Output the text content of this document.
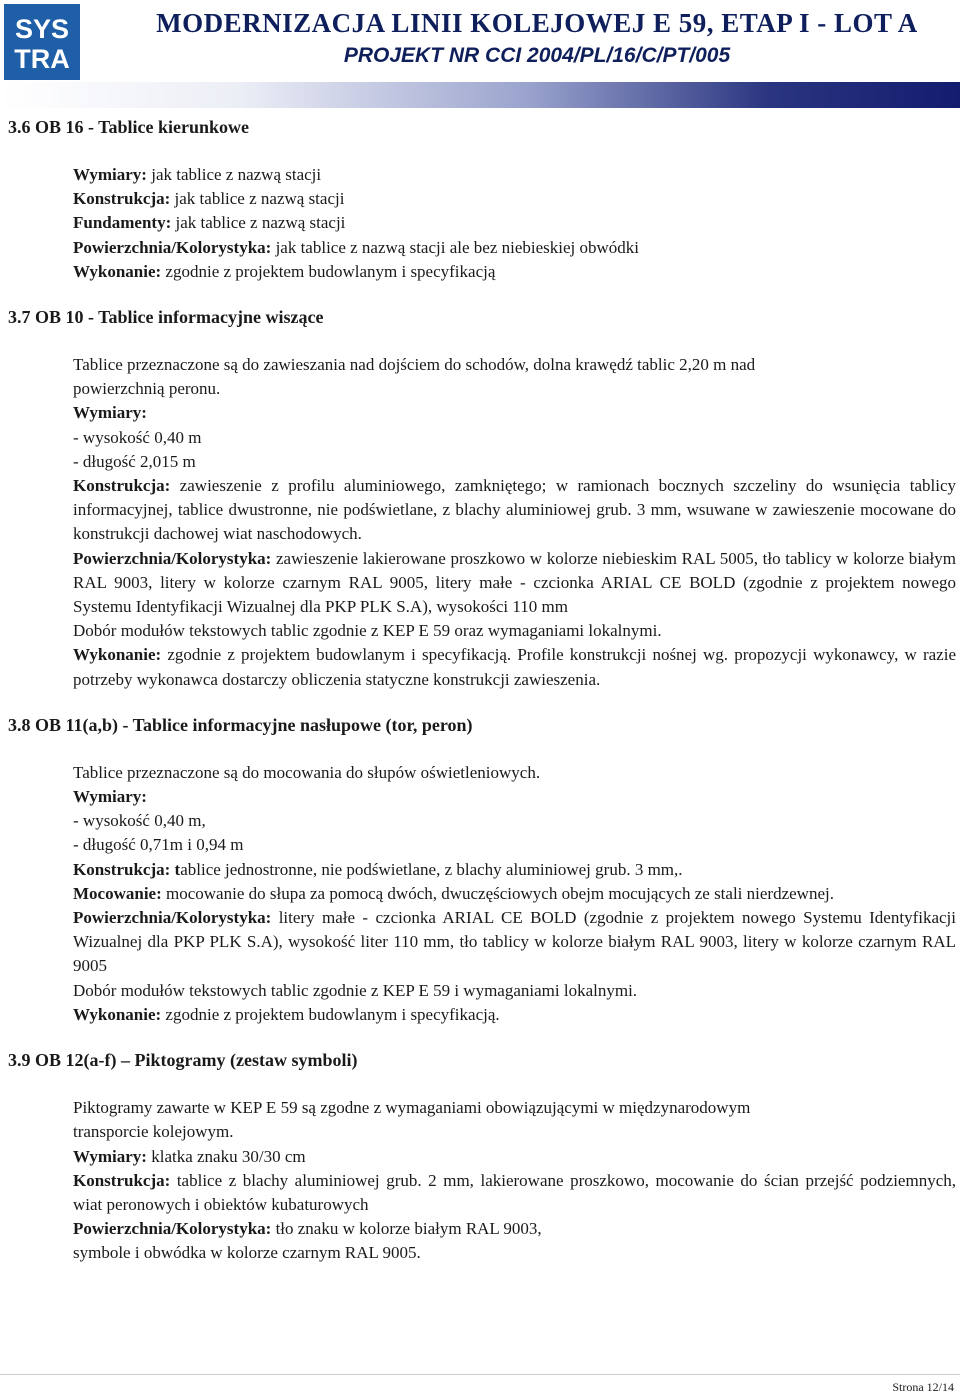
SYS
TRA
MODERNIZACJA LINII KOLEJOWEJ E 59, ETAP I - LOT A
PROJEKT NR CCI 2004/PL/16/C/PT/005

3.6 OB 16 - Tablice kierunkowe

Wymiary: jak tablice z nazwą stacji

Konstrukcja: jak tablice z nazwą stacji

Fundamenty: jak tablice z nazwą stacji

Powierzchnia/Kolorystyka: jak tablice z nazwą stacji ale bez niebieskiej obwódki

Wykonanie: zgodnie z projektem budowlanym i specyfikacją

3.7 OB 10 - Tablice informacyjne wiszące

Tablice przeznaczone są do zawieszania nad dojściem do schodów, dolna krawędź tablic 2,20 m nad powierzchnią peronu.

Wymiary:

- wysokość 0,40 m

- długość 2,015 m

Konstrukcja: zawieszenie z profilu aluminiowego, zamkniętego; w ramionach bocznych szczeliny do wsunięcia tablicy informacyjnej, tablice dwustronne, nie podświetlane, z blachy aluminiowej grub. 3 mm, wsuwane w zawieszenie mocowane do konstrukcji dachowej wiat naschodowych.

Powierzchnia/Kolorystyka: zawieszenie lakierowane proszkowo w kolorze niebieskim RAL 5005, tło tablicy w kolorze białym RAL 9003, litery w kolorze czarnym RAL 9005, litery małe - czcionka ARIAL CE BOLD (zgodnie z projektem nowego Systemu Identyfikacji Wizualnej dla PKP PLK S.A), wysokości 110 mm

Dobór modułów tekstowych tablic zgodnie z KEP E 59 oraz wymaganiami lokalnymi.

Wykonanie: zgodnie z projektem budowlanym i specyfikacją. Profile konstrukcji nośnej wg. propozycji wykonawcy, w razie potrzeby wykonawca dostarczy obliczenia statyczne konstrukcji zawieszenia.

3.8 OB 11(a,b) - Tablice informacyjne nasłupowe (tor, peron)

Tablice przeznaczone są do mocowania do słupów oświetleniowych.

Wymiary:

- wysokość 0,40 m,

- długość 0,71m i 0,94 m

Konstrukcja: tablice jednostronne, nie podświetlane, z blachy aluminiowej grub. 3 mm,.

Mocowanie: mocowanie do słupa za pomocą dwóch, dwuczęściowych obejm mocujących ze stali nierdzewnej.

Powierzchnia/Kolorystyka: litery małe - czcionka ARIAL CE BOLD (zgodnie z projektem nowego Systemu Identyfikacji Wizualnej dla PKP PLK S.A), wysokość liter 110 mm, tło tablicy w kolorze białym RAL 9003, litery w kolorze czarnym RAL 9005

Dobór modułów tekstowych tablic zgodnie z KEP E 59 i wymaganiami lokalnymi.

Wykonanie: zgodnie z projektem budowlanym i specyfikacją.

3.9 OB 12(a-f) – Piktogramy (zestaw symboli)

Piktogramy zawarte w KEP E 59 są zgodne z wymaganiami obowiązującymi w międzynarodowym transporcie kolejowym.

Wymiary: klatka znaku 30/30 cm

Konstrukcja: tablice z blachy aluminiowej grub. 2 mm, lakierowane proszkowo, mocowanie do ścian przejść podziemnych, wiat peronowych i obiektów kubaturowych

Powierzchnia/Kolorystyka: tło znaku w kolorze białym RAL 9003,

symbole i obwódka w kolorze czarnym RAL 9005.

Strona 12/14
